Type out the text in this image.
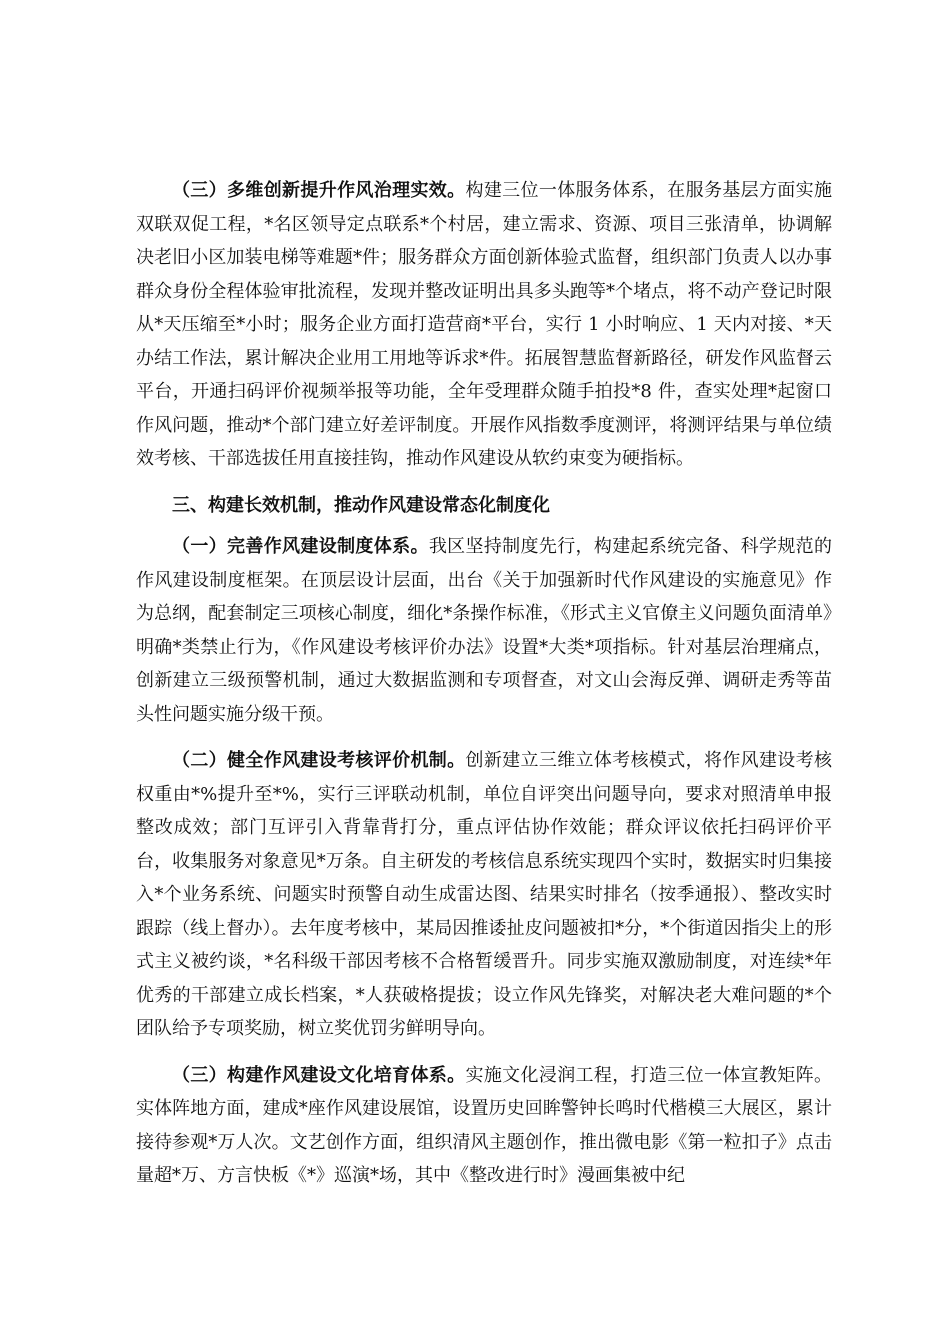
（三）多维创新提升作风治理实效。构建三位一体服务体系，在服务基层方面实施双联双促工程，*名区领导定点联系*个村居，建立需求、资源、项目三张清单，协调解决老旧小区加装电梯等难题*件；服务群众方面创新体验式监督，组织部门负责人以办事群众身份全程体验审批流程，发现并整改证明出具多头跑等*个堵点，将不动产登记时限从*天压缩至*小时；服务企业方面打造营商*平台，实行 1 小时响应、1 天内对接、*天办结工作法，累计解决企业用工用地等诉求*件。拓展智慧监督新路径，研发作风监督云平台，开通扫码评价视频举报等功能，全年受理群众随手拍投*8 件，查实处理*起窗口作风问题，推动*个部门建立好差评制度。开展作风指数季度测评，将测评结果与单位绩效考核、干部选拔任用直接挂钩，推动作风建设从软约束变为硬指标。

三、构建长效机制，推动作风建设常态化制度化

（一）完善作风建设制度体系。我区坚持制度先行，构建起系统完备、科学规范的作风建设制度框架。在顶层设计层面，出台《关于加强新时代作风建设的实施意见》作为总纲，配套制定三项核心制度，细化*条操作标准，《形式主义官僚主义问题负面清单》明确*类禁止行为，《作风建设考核评价办法》设置*大类*项指标。针对基层治理痛点，创新建立三级预警机制，通过大数据监测和专项督查，对文山会海反弹、调研走秀等苗头性问题实施分级干预。

（二）健全作风建设考核评价机制。创新建立三维立体考核模式，将作风建设考核权重由*%提升至*%，实行三评联动机制，单位自评突出问题导向，要求对照清单申报整改成效；部门互评引入背靠背打分，重点评估协作效能；群众评议依托扫码评价平台，收集服务对象意见*万条。自主研发的考核信息系统实现四个实时，数据实时归集接入*个业务系统、问题实时预警自动生成雷达图、结果实时排名（按季通报）、整改实时跟踪（线上督办）。去年度考核中，某局因推诿扯皮问题被扣*分，*个街道因指尖上的形式主义被约谈，*名科级干部因考核不合格暂缓晋升。同步实施双激励制度，对连续*年优秀的干部建立成长档案，*人获破格提拔；设立作风先锋奖，对解决老大难问题的*个团队给予专项奖励，树立奖优罚劣鲜明导向。

（三）构建作风建设文化培育体系。实施文化浸润工程，打造三位一体宣教矩阵。实体阵地方面，建成*座作风建设展馆，设置历史回眸警钟长鸣时代楷模三大展区，累计接待参观*万人次。文艺创作方面，组织清风主题创作，推出微电影《第一粒扣子》点击量超*万、方言快板《*》巡演*场，其中《整改进行时》漫画集被中纪
